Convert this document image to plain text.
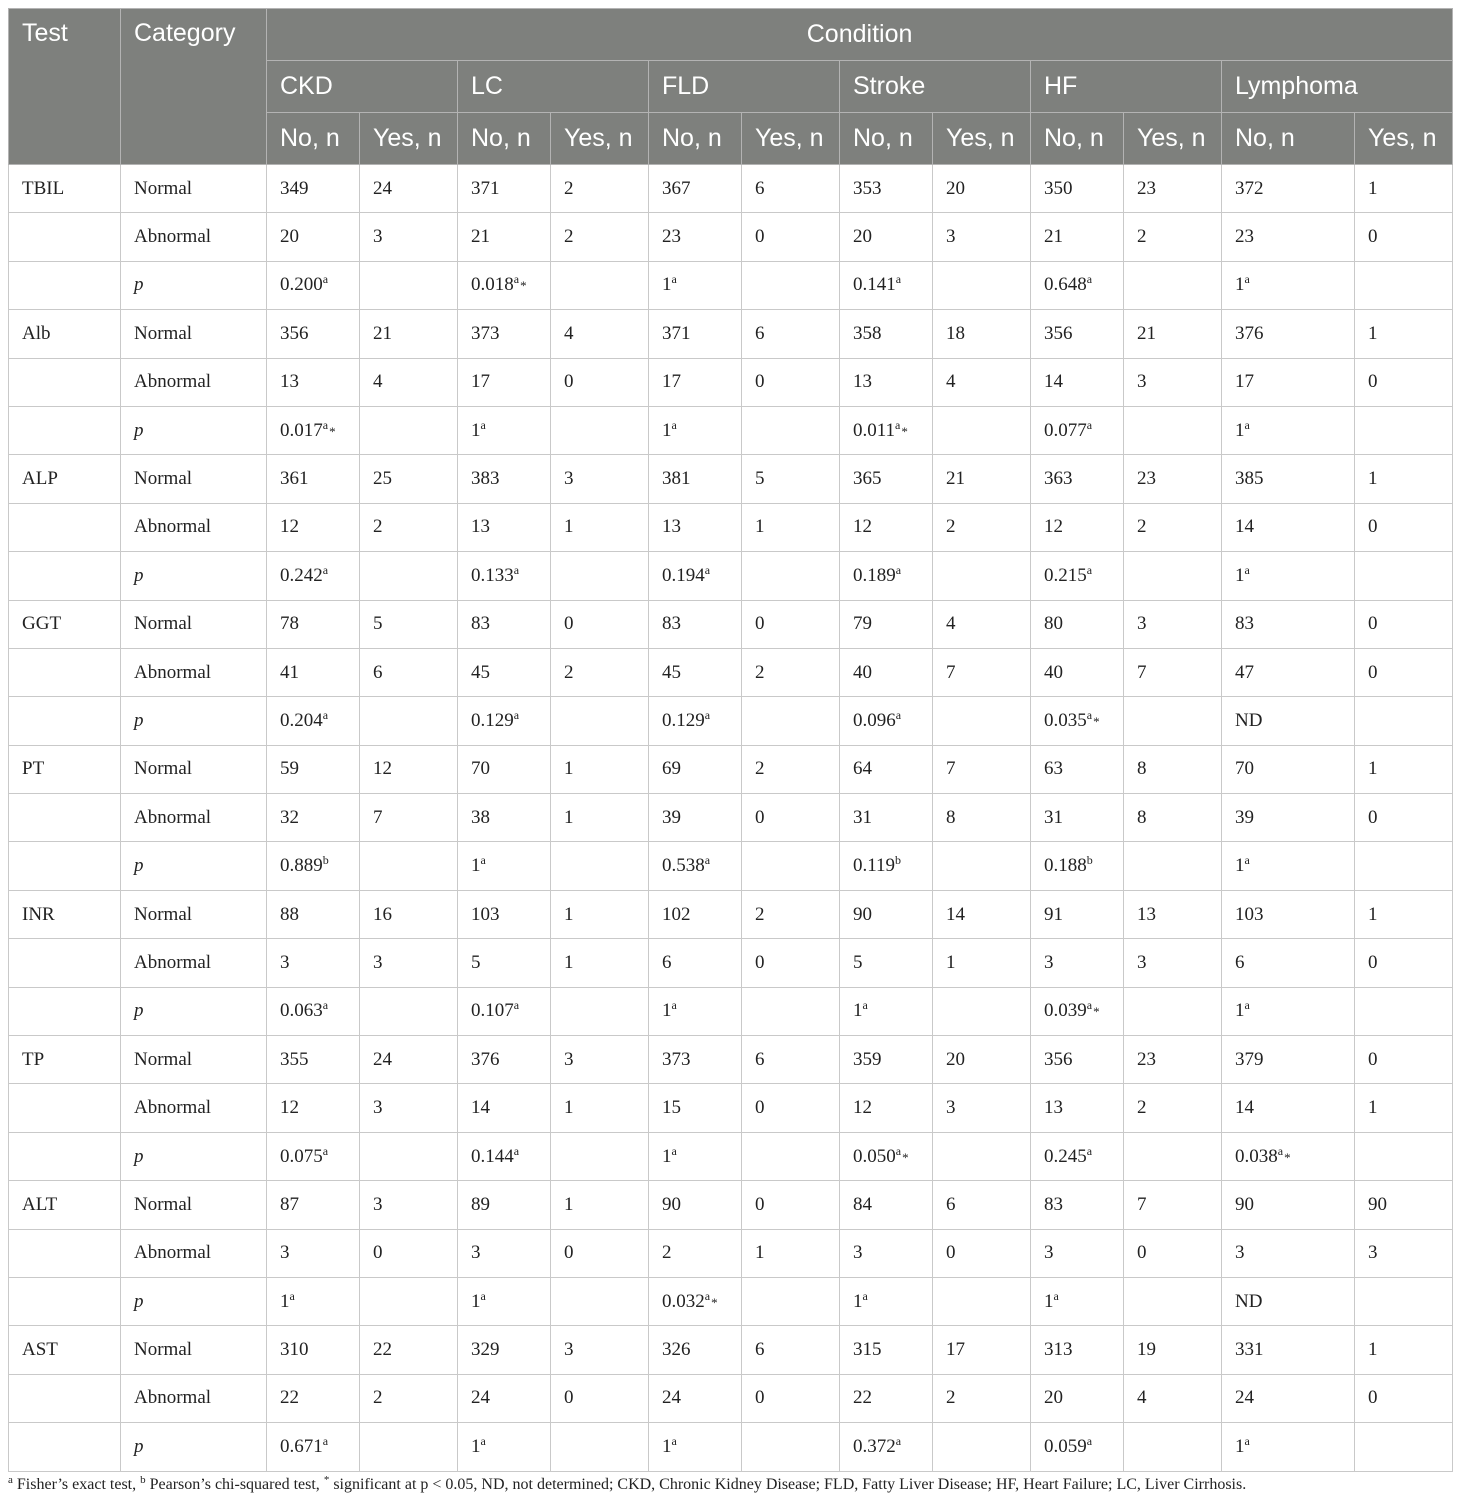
Test	Category	Condition											
		CKD		LC		FLD		Stroke		HF		Lymphoma	
		No, n	Yes, n	No, n	Yes, n	No, n	Yes, n	No, n	Yes, n	No, n	Yes, n	No, n	Yes, n
TBIL	Normal	349	24	371	2	367	6	353	20	350	23	372	1
	Abnormal	20	3	21	2	23	0	20	3	21	2	23	0
	p	0.200$^a$		0.018$^a$*		1$^a$		0.141$^a$		0.648$^a$		1$^a$	
Alb	Normal	356	21	373	4	371	6	358	18	356	21	376	1
	Abnormal	13	4	17	0	17	0	13	4	14	3	17	0
	p	0.017$^a$*		1$^a$		1$^a$		0.011$^a$*		0.077$^a$		1$^a$	
ALP	Normal	361	25	383	3	381	5	365	21	363	23	385	1
	Abnormal	12	2	13	1	13	1	12	2	12	2	14	0
	p	0.242$^a$		0.133$^a$		0.194$^a$		0.189$^a$		0.215$^a$		1$^a$	
GGT	Normal	78	5	83	0	83	0	79	4	80	3	83	0
	Abnormal	41	6	45	2	45	2	40	7	40	7	47	0
	p	0.204$^a$		0.129$^a$		0.129$^a$		0.096$^a$		0.035$^a$*		ND	
PT	Normal	59	12	70	1	69	2	64	7	63	8	70	1
	Abnormal	32	7	38	1	39	0	31	8	31	8	39	0
	p	0.889$^b$		1$^a$		0.538$^a$		0.119$^b$		0.188$^b$		1$^a$	
INR	Normal	88	16	103	1	102	2	90	14	91	13	103	1
	Abnormal	3	3	5	1	6	0	5	1	3	3	6	0
	p	0.063$^a$		0.107$^a$		1$^a$		1$^a$		0.039$^a$*		1$^a$	
TP	Normal	355	24	376	3	373	6	359	20	356	23	379	0
	Abnormal	12	3	14	1	15	0	12	3	13	2	14	1
	p	0.075$^a$		0.144$^a$		1$^a$		0.050$^a$*		0.245$^a$		0.038$^a$*	
ALT	Normal	87	3	89	1	90	0	84	6	83	7	90	90
	Abnormal	3	0	3	0	2	1	3	0	3	0	3	3
	p	1$^a$		1$^a$		0.032$^a$*		1$^a$		1$^a$		ND	
AST	Normal	310	22	329	3	326	6	315	17	313	19	331	1
	Abnormal	22	2	24	0	24	0	22	2	20	4	24	0
	p	0.671$^a$		1$^a$		1$^a$		0.372$^a$		0.059$^a$		1$^a$	
$^a$ Fisher’s exact test, $^b$ Pearson’s chi-squared test, * significant at p < 0.05, ND, not determined; CKD, Chronic Kidney Disease; FLD, Fatty Liver Disease; HF, Heart Failure; LC, Liver Cirrhosis.
